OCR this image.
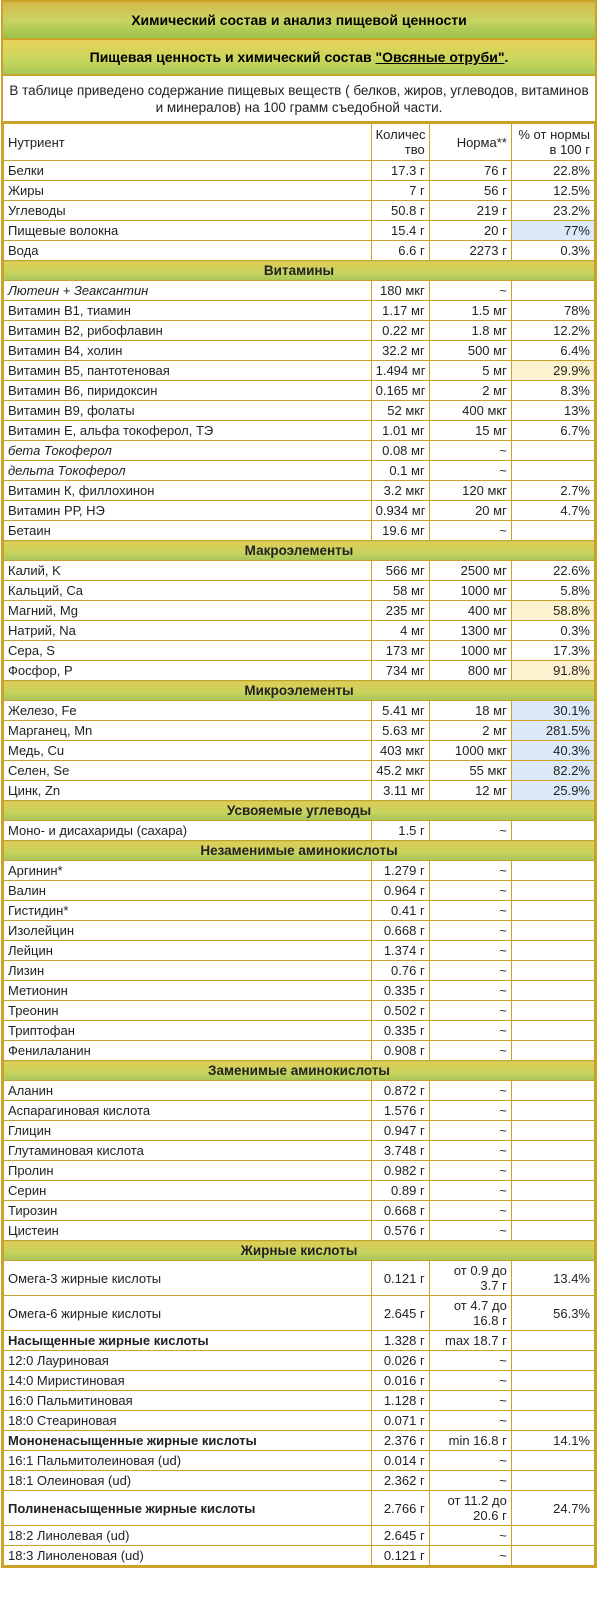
Химический состав и анализ пищевой ценности
Пищевая ценность и химический состав "Овсяные отруби".
В таблице приведено содержание пищевых веществ ( белков, жиров, углеводов, витаминов и минералов) на 100 грамм съедобной части.
Нутриент	Количес тво	Норма**	% от нормы в 100 г
Белки	17.3 г	76 г	22.8%
Жиры	7 г	56 г	12.5%
Углеводы	50.8 г	219 г	23.2%
Пищевые волокна	15.4 г	20 г	77%
Вода	6.6 г	2273 г	0.3%
Витамины			
Лютеин + Зеаксантин	180 мкг	~	
Витамин В1, тиамин	1.17 мг	1.5 мг	78%
Витамин В2, рибофлавин	0.22 мг	1.8 мг	12.2%
Витамин В4, холин	32.2 мг	500 мг	6.4%
Витамин В5, пантотеновая	1.494 мг	5 мг	29.9%
Витамин В6, пиридоксин	0.165 мг	2 мг	8.3%
Витамин В9, фолаты	52 мкг	400 мкг	13%
Витамин Е, альфа токоферол, ТЭ	1.01 мг	15 мг	6.7%
бета Токоферол	0.08 мг	~	
дельта Токоферол	0.1 мг	~	
Витамин К, филлохинон	3.2 мкг	120 мкг	2.7%
Витамин РР, НЭ	0.934 мг	20 мг	4.7%
Бетаин	19.6 мг	~	
Макроэлементы			
Калий, K	566 мг	2500 мг	22.6%
Кальций, Ca	58 мг	1000 мг	5.8%
Магний, Mg	235 мг	400 мг	58.8%
Натрий, Na	4 мг	1300 мг	0.3%
Сера, S	173 мг	1000 мг	17.3%
Фосфор, P	734 мг	800 мг	91.8%
Микроэлементы			
Железо, Fe	5.41 мг	18 мг	30.1%
Марганец, Mn	5.63 мг	2 мг	281.5%
Медь, Cu	403 мкг	1000 мкг	40.3%
Селен, Se	45.2 мкг	55 мкг	82.2%
Цинк, Zn	3.11 мг	12 мг	25.9%
Усвояемые углеводы			
Моно- и дисахариды (сахара)	1.5 г	~	
Незаменимые аминокислоты			
Аргинин*	1.279 г	~	
Валин	0.964 г	~	
Гистидин*	0.41 г	~	
Изолейцин	0.668 г	~	
Лейцин	1.374 г	~	
Лизин	0.76 г	~	
Метионин	0.335 г	~	
Треонин	0.502 г	~	
Триптофан	0.335 г	~	
Фенилаланин	0.908 г	~	
Заменимые аминокислоты			
Аланин	0.872 г	~	
Аспарагиновая кислота	1.576 г	~	
Глицин	0.947 г	~	
Глутаминовая кислота	3.748 г	~	
Пролин	0.982 г	~	
Серин	0.89 г	~	
Тирозин	0.668 г	~	
Цистеин	0.576 г	~	
Жирные кислоты			
Омега-3 жирные кислоты	0.121 г	от 0.9 до 3.7 г	13.4%
Омега-6 жирные кислоты	2.645 г	от 4.7 до 16.8 г	56.3%
Насыщенные жирные кислоты	1.328 г	max 18.7 г	
12:0 Лауриновая	0.026 г	~	
14:0 Миристиновая	0.016 г	~	
16:0 Пальмитиновая	1.128 г	~	
18:0 Стеариновая	0.071 г	~	
Мононенасыщенные жирные кислоты	2.376 г	min 16.8 г	14.1%
16:1 Пальмитолеиновая (ud)	0.014 г	~	
18:1 Олеиновая (ud)	2.362 г	~	
Полиненасыщенные жирные кислоты	2.766 г	от 11.2 до 20.6 г	24.7%
18:2 Линолевая (ud)	2.645 г	~	
18:3 Линоленовая (ud)	0.121 г	~	
